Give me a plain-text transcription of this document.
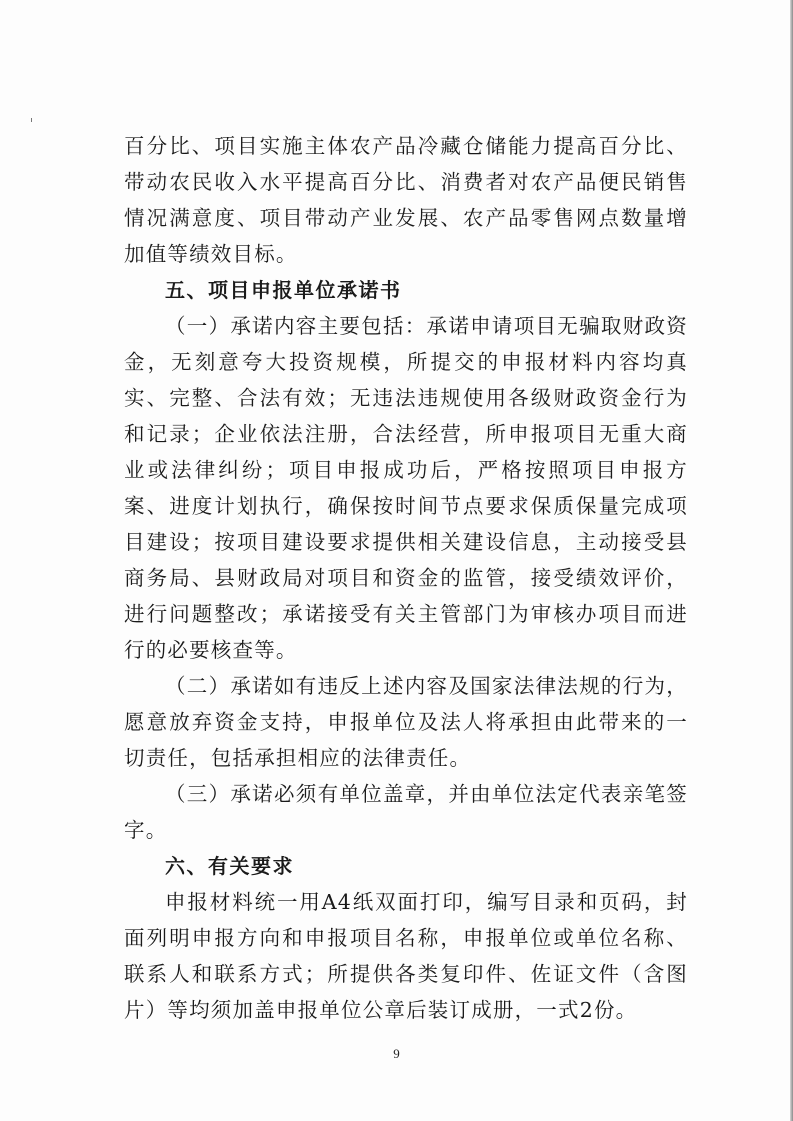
百分比、项目实施主体农产品冷藏仓储能力提高百分比、带动农民收入水平提高百分比、消费者对农产品便民销售情况满意度、项目带动产业发展、农产品零售网点数量增加值等绩效目标。

五、项目申报单位承诺书

（一）承诺内容主要包括：承诺申请项目无骗取财政资金，无刻意夸大投资规模，所提交的申报材料内容均真实、完整、合法有效；无违法违规使用各级财政资金行为和记录；企业依法注册，合法经营，所申报项目无重大商业或法律纠纷；项目申报成功后，严格按照项目申报方案、进度计划执行，确保按时间节点要求保质保量完成项目建设；按项目建设要求提供相关建设信息，主动接受县商务局、县财政局对项目和资金的监管，接受绩效评价，进行问题整改；承诺接受有关主管部门为审核办项目而进行的必要核查等。

（二）承诺如有违反上述内容及国家法律法规的行为，愿意放弃资金支持，申报单位及法人将承担由此带来的一切责任，包括承担相应的法律责任。

（三）承诺必须有单位盖章，并由单位法定代表亲笔签字。

六、有关要求

申报材料统一用A4纸双面打印，编写目录和页码，封面列明申报方向和申报项目名称，申报单位或单位名称、联系人和联系方式；所提供各类复印件、佐证文件（含图片）等均须加盖申报单位公章后装订成册，一式2份。

9
